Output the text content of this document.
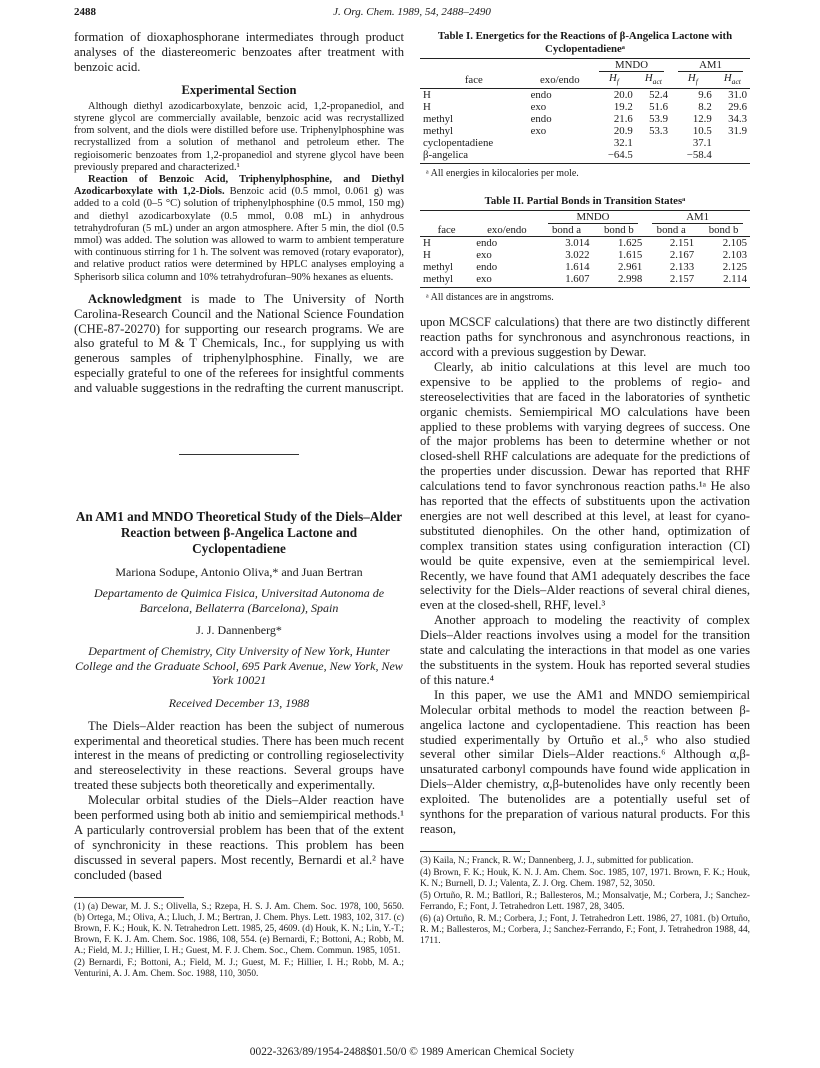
2488	J. Org. Chem. 1989, 54, 2488–2490

formation of dioxaphosphorane intermediates through product analyses of the diastereomeric benzoates after treatment with benzoic acid.

Experimental Section

Although diethyl azodicarboxylate, benzoic acid, 1,2-propanediol, and styrene glycol are commercially available, benzoic acid was recrystallized from solvent, and the diols were distilled before use. Triphenylphosphine was recrystallized from a solution of methanol and petroleum ether. The regioisomeric benzoates from 1,2-propanediol and styrene glycol have been previously prepared and characterized.¹

Reaction of Benzoic Acid, Triphenylphosphine, and Diethyl Azodicarboxylate with 1,2-Diols. Benzoic acid (0.5 mmol, 0.061 g) was added to a cold (0–5 °C) solution of triphenylphosphine (0.5 mmol, 150 mg) and diethyl azodicarboxylate (0.5 mmol, 0.08 mL) in anhydrous tetrahydrofuran (5 mL) under an argon atmosphere. After 5 min, the diol (0.5 mmol) was added. The solution was allowed to warm to ambient temperature with continuous stirring for 1 h. The solvent was removed (rotary evaporator), and relative product ratios were determined by HPLC analyses employing a Spherisorb silica column and 10% tetrahydrofuran–90% hexanes as eluents.

Acknowledgment is made to The University of North Carolina-Research Council and the National Science Foundation (CHE-87-20270) for supporting our research programs. We are also grateful to M & T Chemicals, Inc., for supplying us with generous samples of triphenylphosphine. Finally, we are especially grateful to one of the referees for insightful comments and valuable suggestions in the redrafting the current manuscript.

An AM1 and MNDO Theoretical Study of the Diels–Alder Reaction between β-Angelica Lactone and Cyclopentadiene
Mariona Sodupe, Antonio Oliva,* and Juan Bertran
Departamento de Quimica Fisica, Universitad Autonoma de Barcelona, Bellaterra (Barcelona), Spain
J. J. Dannenberg*
Department of Chemistry, City University of New York, Hunter College and the Graduate School, 695 Park Avenue, New York, New York 10021
Received December 13, 1988

The Diels–Alder reaction has been the subject of numerous experimental and theoretical studies. There has been much recent interest in the means of predicting or controlling regioselectivity and stereoselectivity in these reactions. Several groups have treated these subjects both theoretically and experimentally.

Molecular orbital studies of the Diels–Alder reaction have been performed using both ab initio and semiempirical methods.¹ A particularly controversial problem has been that of the extent of synchronicity in these reactions. This problem has been discussed in several papers. Most recently, Bernardi et al.² have concluded (based

(1) (a) Dewar, M. J. S.; Olivella, S.; Rzepa, H. S. J. Am. Chem. Soc. 1978, 100, 5650. (b) Ortega, M.; Oliva, A.; Lluch, J. M.; Bertran, J. Chem. Phys. Lett. 1983, 102, 317. (c) Brown, F. K.; Houk, K. N. Tetrahedron Lett. 1985, 25, 4609. (d) Houk, K. N.; Lin, Y.-T.; Brown, F. K. J. Am. Chem. Soc. 1986, 108, 554. (e) Bernardi, F.; Bottoni, A.; Robb, M. A.; Field, M. J.; Hillier, I. H.; Guest, M. F. J. Chem. Soc., Chem. Commun. 1985, 1051.

(2) Bernardi, F.; Bottoni, A.; Field, M. J.; Guest, M. F.; Hillier, I. H.; Robb, M. A.; Venturini, A. J. Am. Chem. Soc. 1988, 110, 3050.

Table I. Energetics for the Reactions of β-Angelica Lactone with Cyclopentadieneᵃ

		MNDO		AM1	

face	exo/endo	$H_f$	$H_{act}$	$H_f$	$H_{act}$
H	endo	20.0	52.4	9.6	31.0
H	exo	19.2	51.6	8.2	29.6
methyl	endo	21.6	53.9	12.9	34.3
methyl	exo	20.9	53.3	10.5	31.9
cyclopentadiene		32.1		37.1	
β-angelica		−64.5		−58.4	
ᵃ All energies in kilocalories per mole.
Table II. Partial Bonds in Transition Statesᵃ

		MNDO		AM1	

face	exo/endo	bond a	bond b	bond a	bond b
H	endo	3.014	1.625	2.151	2.105
H	exo	3.022	1.615	2.167	2.103
methyl	endo	1.614	2.961	2.133	2.125
methyl	exo	1.607	2.998	2.157	2.114
ᵃ All distances are in angstroms.

upon MCSCF calculations) that there are two distinctly different reaction paths for synchronous and asynchronous reactions, in accord with a previous suggestion by Dewar.

Clearly, ab initio calculations at this level are much too expensive to be applied to the problems of regio- and stereoselectivities that are faced in the laboratories of synthetic organic chemists. Semiempirical MO calculations have been applied to these problems with varying degrees of success. One of the major problems has been to determine whether or not closed-shell RHF calculations are adequate for the predictions of the properties under discussion. Dewar has reported that RHF calculations tend to favor synchronous reaction paths.¹ᵃ He also has reported that the effects of substituents upon the activation energies are not well described at this level, at least for cyano-substituted dienophiles. On the other hand, optimization of complex transition states using configuration interaction (CI) would be quite expensive, even at the semiempirical level. Recently, we have found that AM1 adequately describes the face selectivity for the Diels–Alder reactions of several chiral dienes, even at the closed-shell, RHF, level.³

Another approach to modeling the reactivity of complex Diels–Alder reactions involves using a model for the transition state and calculating the interactions in that model as one varies the substituents in the system. Houk has reported several studies of this nature.⁴

In this paper, we use the AM1 and MNDO semiempirical Molecular orbital methods to model the reaction between β-angelica lactone and cyclopentadiene. This reaction has been studied experimentally by Ortuño et al.,⁵ who also studied several other similar Diels–Alder reactions.⁶ Although α,β-unsaturated carbonyl compounds have found wide application in Diels–Alder chemistry, α,β-butenolides have only recently been exploited. The butenolides are a potentially useful set of synthons for the preparation of various natural products. For this reason,

(3) Kaila, N.; Franck, R. W.; Dannenberg, J. J., submitted for publication.

(4) Brown, F. K.; Houk, K. N. J. Am. Chem. Soc. 1985, 107, 1971. Brown, F. K.; Houk, K. N.; Burnell, D. J.; Valenta, Z. J. Org. Chem. 1987, 52, 3050.

(5) Ortuño, R. M.; Batllori, R.; Ballesteros, M.; Monsalvatje, M.; Corbera, J.; Sanchez-Ferrando, F.; Font, J. Tetrahedron Lett. 1987, 28, 3405.

(6) (a) Ortuño, R. M.; Corbera, J.; Font, J. Tetrahedron Lett. 1986, 27, 1081. (b) Ortuño, R. M.; Ballesteros, M.; Corbera, J.; Sanchez-Ferrando, F.; Font, J. Tetrahedron 1988, 44, 1711.

0022-3263/89/1954-2488$01.50/0 © 1989 American Chemical Society
